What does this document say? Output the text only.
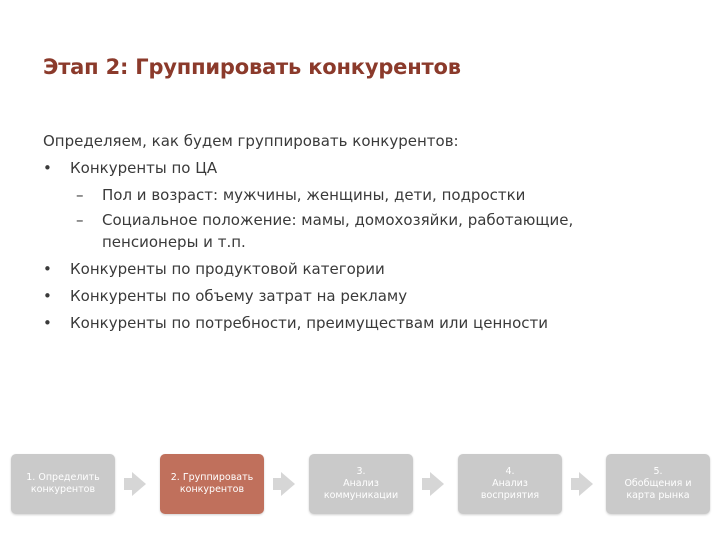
Этап 2: Группировать конкурентов
Определяем, как будем группировать конкурентов:
• Конкуренты по ЦА
– Пол и возраст: мужчины, женщины, дети, подростки
– Социальное положение: мамы, домохозяйки, работающие,
пенсионеры и т.п.
• Конкуренты по продуктовой категории
• Конкуренты по объему затрат на рекламу
• Конкуренты по потребности, преимуществам или ценности
1. Определить
конкурентов
2. Группировать
конкурентов
3.
Анализ
коммуникации
4.
Анализ
восприятия
5.
Обобщения и
карта рынка
